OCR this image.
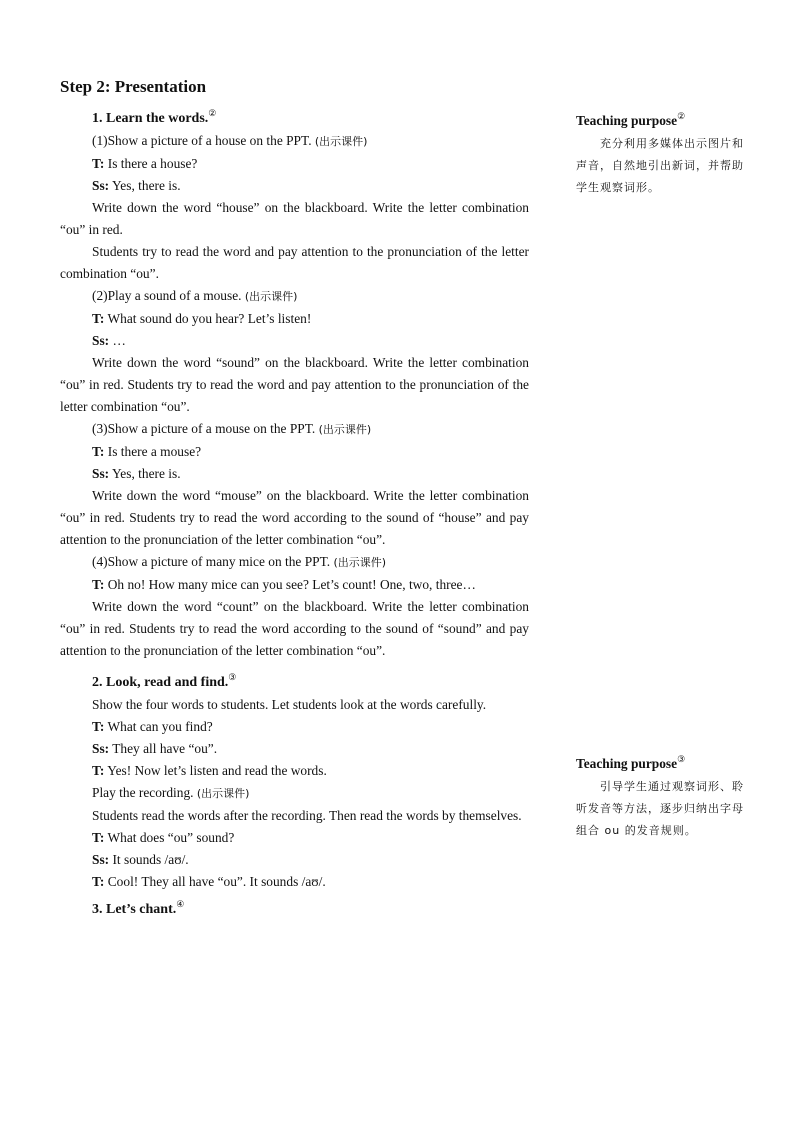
Step 2: Presentation
1. Learn the words.②

(1)Show a picture of a house on the PPT. (出示课件)

T: Is there a house?

Ss: Yes, there is.

Write down the word “house” on the blackboard. Write the letter combination “ou” in red.

Students try to read the word and pay attention to the pronunciation of the letter combination “ou”.

(2)Play a sound of a mouse. (出示课件)

T: What sound do you hear? Let’s listen!

Ss: …

Write down the word “sound” on the blackboard. Write the letter combination “ou” in red. Students try to read the word and pay attention to the pronunciation of the letter combination “ou”.

(3)Show a picture of a mouse on the PPT. (出示课件)

T: Is there a mouse?

Ss: Yes, there is.

Write down the word “mouse” on the blackboard. Write the letter combination “ou” in red. Students try to read the word according to the sound of “house” and pay attention to the pronunciation of the letter combination “ou”.

(4)Show a picture of many mice on the PPT. (出示课件)

T: Oh no! How many mice can you see? Let’s count! One, two, three…

Write down the word “count” on the blackboard. Write the letter combination “ou” in red. Students try to read the word according to the sound of “sound” and pay attention to the pronunciation of the letter combination “ou”.

2. Look, read and find.③

Show the four words to students. Let students look at the words carefully.

T: What can you find?

Ss: They all have “ou”.

T: Yes! Now let’s listen and read the words.

Play the recording. (出示课件)

Students read the words after the recording. Then read the words by themselves.

T: What does “ou” sound?

Ss: It sounds /aʊ/.

T: Cool! They all have “ou”. It sounds /aʊ/.

3. Let’s chant.④
Teaching purpose②

充分利用多媒体出示图片和声音，自然地引出新词，并帮助学生观察词形。

Teaching purpose③

引导学生通过观察词形、聆听发音等方法，逐步归纳出字母组合 ou 的发音规则。
